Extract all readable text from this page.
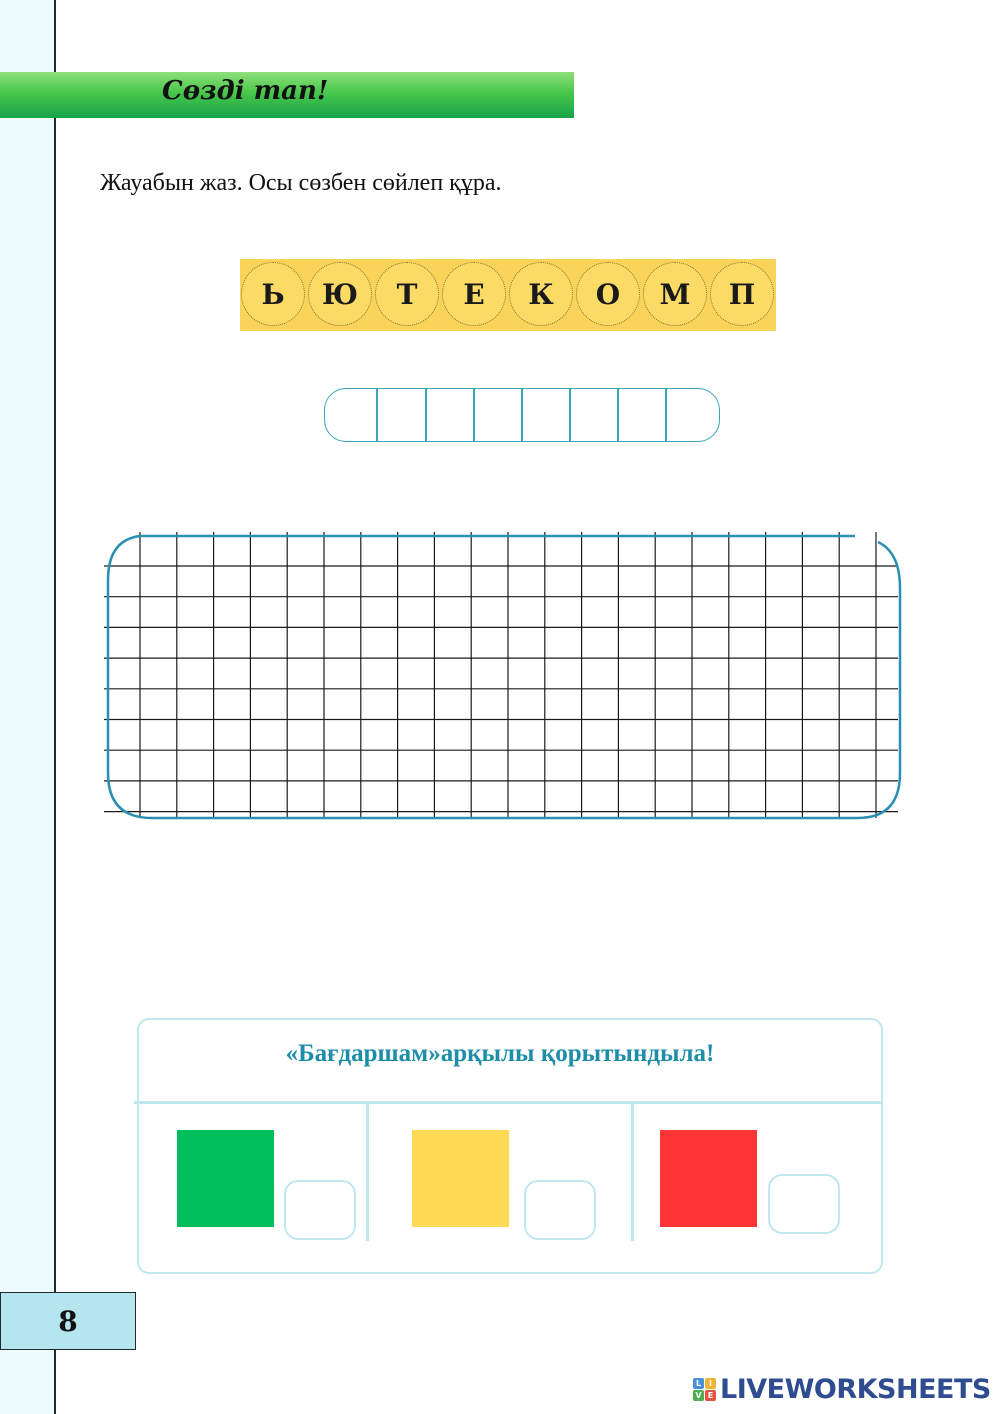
Сөзді тап!
Жауабын жаз. Осы сөзбен сөйлеп құра.
Ь	Ю	Т	Е	К	О	М	П
«Бағдаршам»арқылы қорытындыла!
8
L I
V E LIVEWORKSHEETS
